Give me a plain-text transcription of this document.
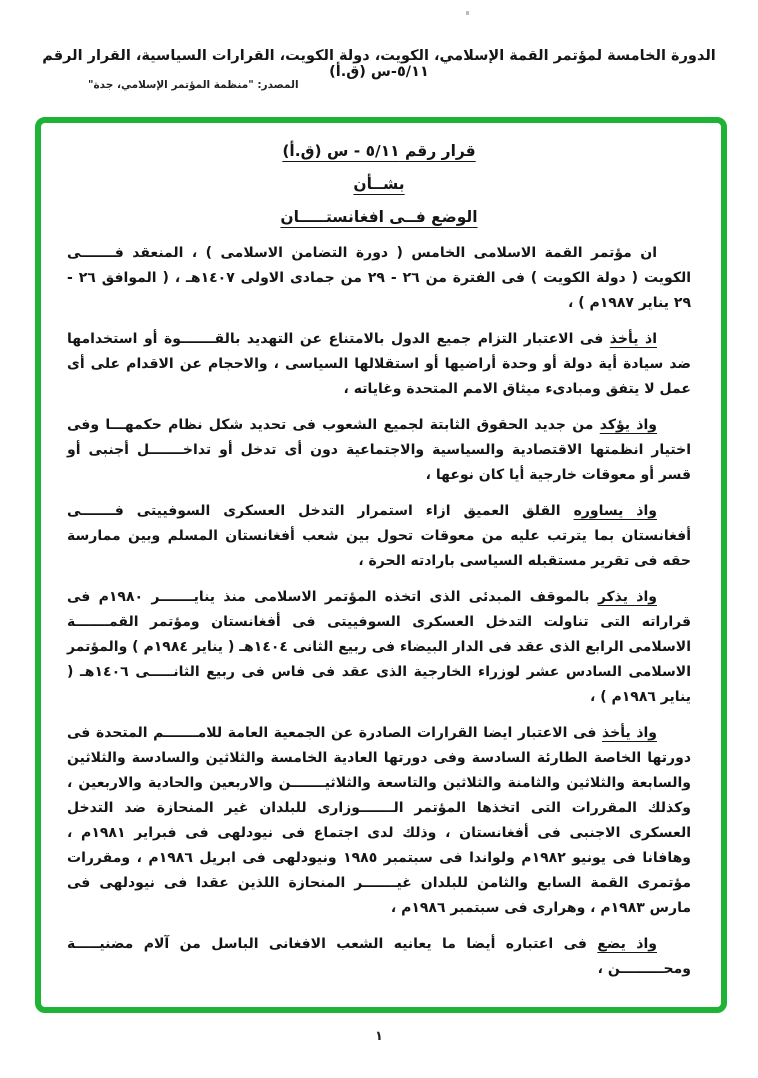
الدورة الخامسة لمؤتمر القمة الإسلامي، الكويت، دولة الكويت، القرارات السياسية، القرار الرقم ٥/١١-س (ق.أ)
المصدر: "منظمة المؤتمر الإسلامي، جدة"
قرار رقم ٥/١١ - س (ق.أ)
بشــأن
الوضع فــى افغانستـــــان

ان مؤتمر القمة الاسلامى الخامس ( دورة التضامن الاسلامى ) ، المنعقد فـــــــى الكويت ( دولة الكويت ) فى الفترة من ٢٦ - ٢٩ من جمادى الاولى ١٤٠٧هـ ، ( الموافق ٢٦ - ٢٩ يناير ١٩٨٧م ) ،

اذ يأخذ فى الاعتبار التزام جميع الدول بالامتناع عن التهديد بالقـــــــوة أو استخدامها ضد سيادة أية دولة أو وحدة أراضيها أو استقلالها السياسى ، والاحجام عن الاقدام على أى عمل لا يتفق ومبادىء ميثاق الامم المتحدة وغاياته ،

واذ يؤكد من جديد الحقوق الثابتة لجميع الشعوب فى تحديد شكل نظام حكمهـــا وفى اختيار انظمتها الاقتصادية والسياسية والاجتماعية دون أى تدخل أو تداخـــــــل أجنبى أو قسر أو معوقات خارجية أيا كان نوعها ،

واذ يساوره القلق العميق ازاء استمرار التدخل العسكرى السوفييتى فـــــــى أفغانستان بما يترتب عليه من معوقات تحول بين شعب أفغانستان المسلم وبين ممارسة حقه فى تقرير مستقبله السياسى بارادته الحرة ،

واذ يذكر بالموقف المبدئى الذى اتخذه المؤتمر الاسلامى منذ ينايـــــــر ١٩٨٠م فى قراراته التى تناولت التدخل العسكرى السوفييتى فى أفغانستان ومؤتمر القمـــــــة الاسلامى الرابع الذى عقد فى الدار البيضاء فى ربيع الثانى ١٤٠٤هـ ( يناير ١٩٨٤م ) والمؤتمر الاسلامى السادس عشر لوزراء الخارجية الذى عقد فى فاس فى ربيع الثانـــــى ١٤٠٦هـ ( يناير ١٩٨٦م ) ،

واذ يأخذ فى الاعتبار ايضا القرارات الصادرة عن الجمعية العامة للامـــــــم المتحدة فى دورتها الخاصة الطارئة السادسة وفى دورتها العادية الخامسة والثلاثين والسادسة والثلاثين والسابعة والثلاثين والثامنة والثلاثين والتاسعة والثلاثيـــــــن والاربعين والحادية والاربعين ، وكذلك المقررات التى اتخذها المؤتمر الـــــــوزارى للبلدان غير المنحازة ضد التدخل العسكرى الاجنبى فى أفغانستان ، وذلك لدى اجتماع فى نيودلهى فى فبراير ١٩٨١م ، وهافانا فى يونيو ١٩٨٢م ولواندا فى سبتمبر ١٩٨٥ ونيودلهى فى ابريل ١٩٨٦م ، ومقررات مؤتمرى القمة السابع والثامن للبلدان غيـــــــر المنحازة اللذين عقدا فى نيودلهى فى مارس ١٩٨٣م ، وهرارى فى سبتمبر ١٩٨٦م ،

واذ يضع فى اعتباره أيضا ما يعانيه الشعب الافغانى الباسل من آلام مضنيـــــة ومحـــــــــن ،

١
